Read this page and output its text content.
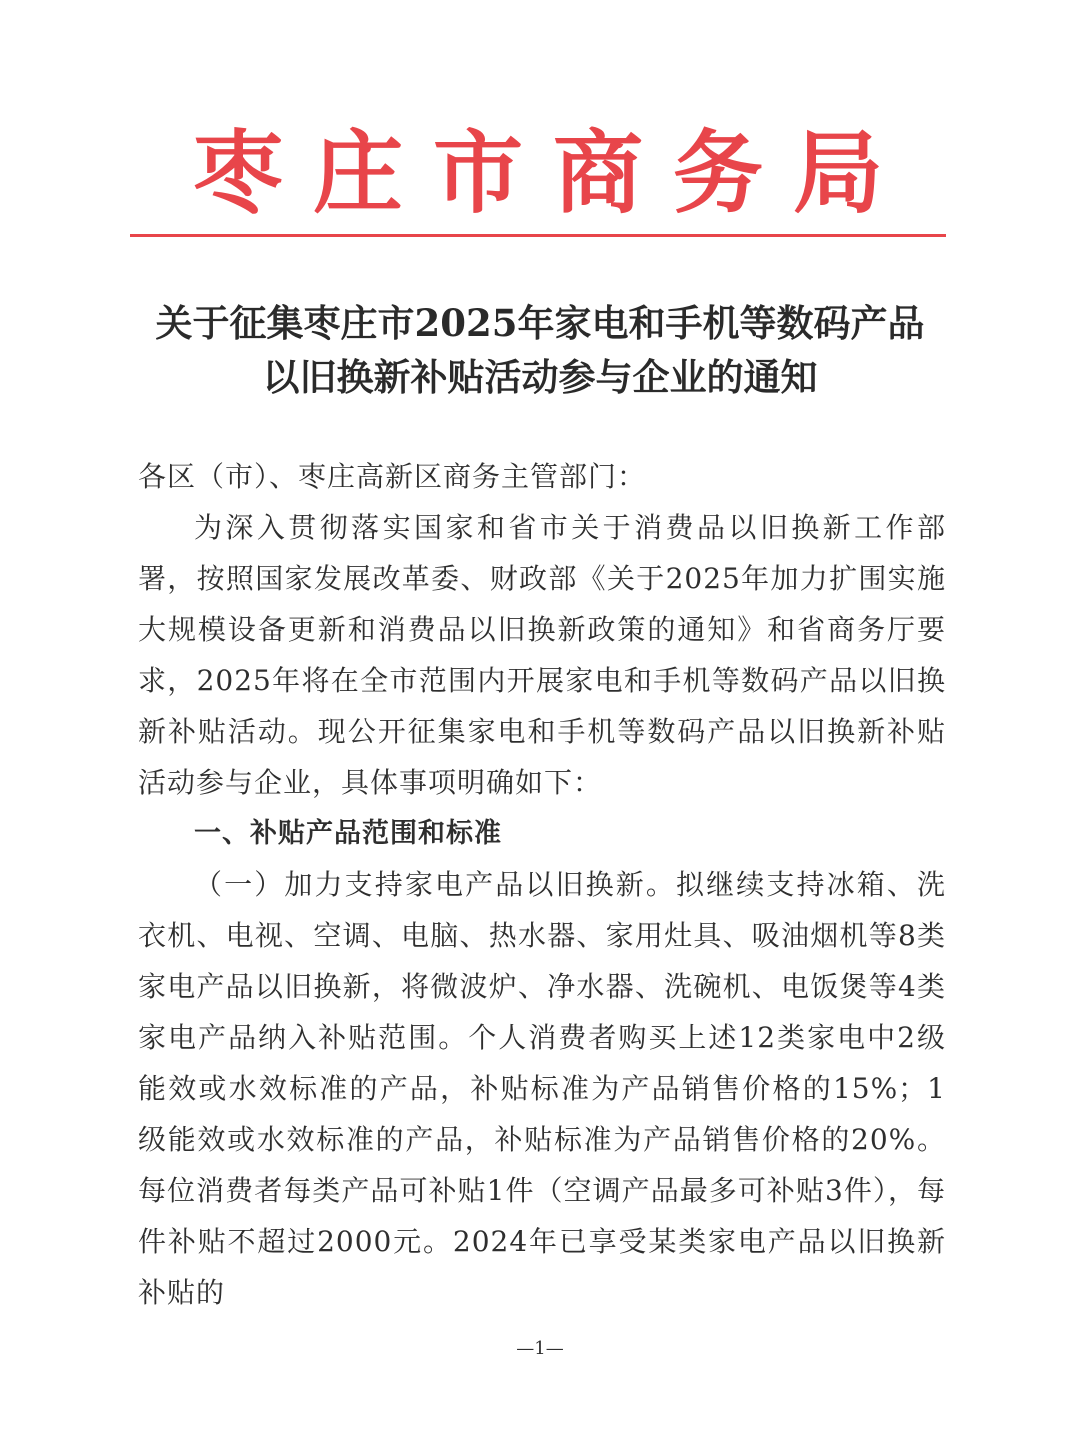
枣庄市商务局
关于征集枣庄市2025年家电和手机等数码产品
以旧换新补贴活动参与企业的通知

各区（市）、枣庄高新区商务主管部门：

为深入贯彻落实国家和省市关于消费品以旧换新工作部署，按照国家发展改革委、财政部《关于2025年加力扩围实施大规模设备更新和消费品以旧换新政策的通知》和省商务厅要求，2025年将在全市范围内开展家电和手机等数码产品以旧换新补贴活动。现公开征集家电和手机等数码产品以旧换新补贴活动参与企业，具体事项明确如下：

一、补贴产品范围和标准

（一）加力支持家电产品以旧换新。拟继续支持冰箱、洗衣机、电视、空调、电脑、热水器、家用灶具、吸油烟机等8类家电产品以旧换新，将微波炉、净水器、洗碗机、电饭煲等4类家电产品纳入补贴范围。个人消费者购买上述12类家电中2级能效或水效标准的产品，补贴标准为产品销售价格的15%；1级能效或水效标准的产品，补贴标准为产品销售价格的20%。每位消费者每类产品可补贴1件（空调产品最多可补贴3件），每件补贴不超过2000元。2024年已享受某类家电产品以旧换新补贴的

—1—
